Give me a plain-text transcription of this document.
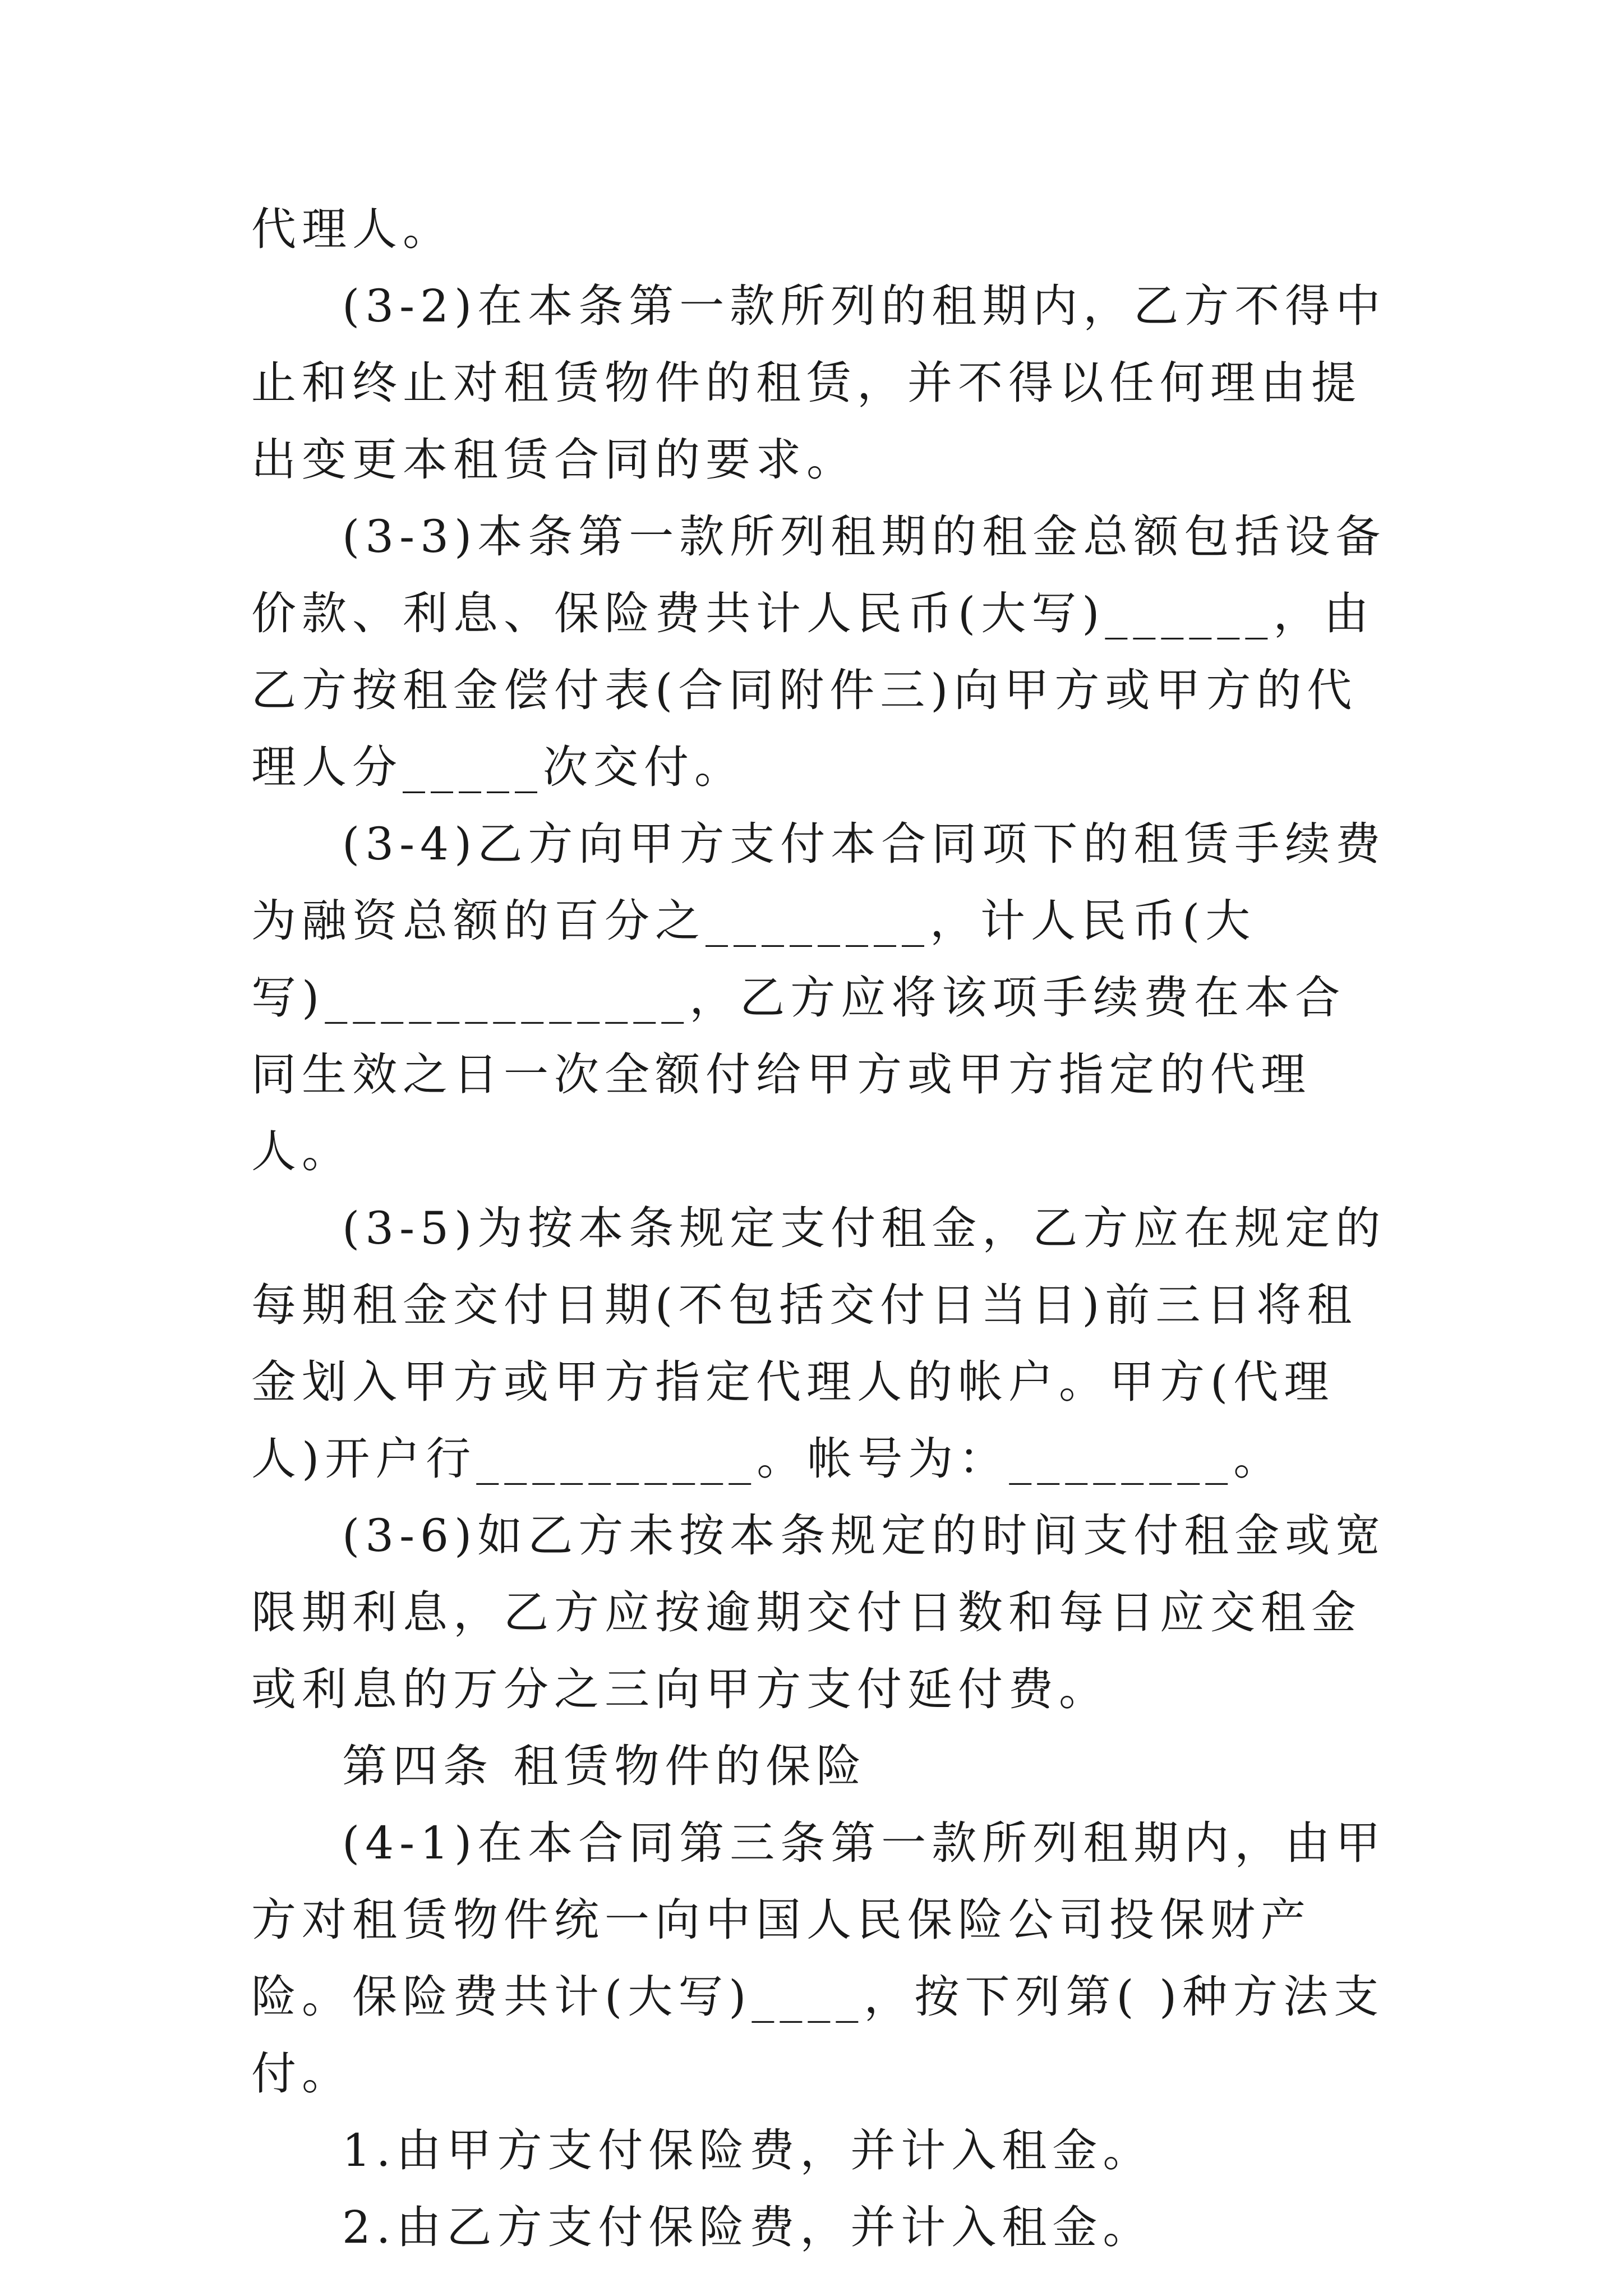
代理人。

(3-2)在本条第一款所列的租期内，乙方不得中止和终止对租赁物件的租赁，并不得以任何理由提出变更本租赁合同的要求。

(3-3)本条第一款所列租期的租金总额包括设备价款、利息、保险费共计人民币(大写)______，由乙方按租金偿付表(合同附件三)向甲方或甲方的代理人分_____次交付。

(3-4)乙方向甲方支付本合同项下的租赁手续费为融资总额的百分之________，计人民币(大写)_____________，乙方应将该项手续费在本合同生效之日一次全额付给甲方或甲方指定的代理人。

(3-5)为按本条规定支付租金，乙方应在规定的每期租金交付日期(不包括交付日当日)前三日将租金划入甲方或甲方指定代理人的帐户。甲方(代理人)开户行__________。帐号为：________。

(3-6)如乙方未按本条规定的时间支付租金或宽限期利息，乙方应按逾期交付日数和每日应交租金或利息的万分之三向甲方支付延付费。

第四条 租赁物件的保险

(4-1)在本合同第三条第一款所列租期内，由甲方对租赁物件统一向中国人民保险公司投保财产险。保险费共计(大写)____，按下列第( )种方法支付。

1.由甲方支付保险费，并计入租金。

2.由乙方支付保险费，并计入租金。
